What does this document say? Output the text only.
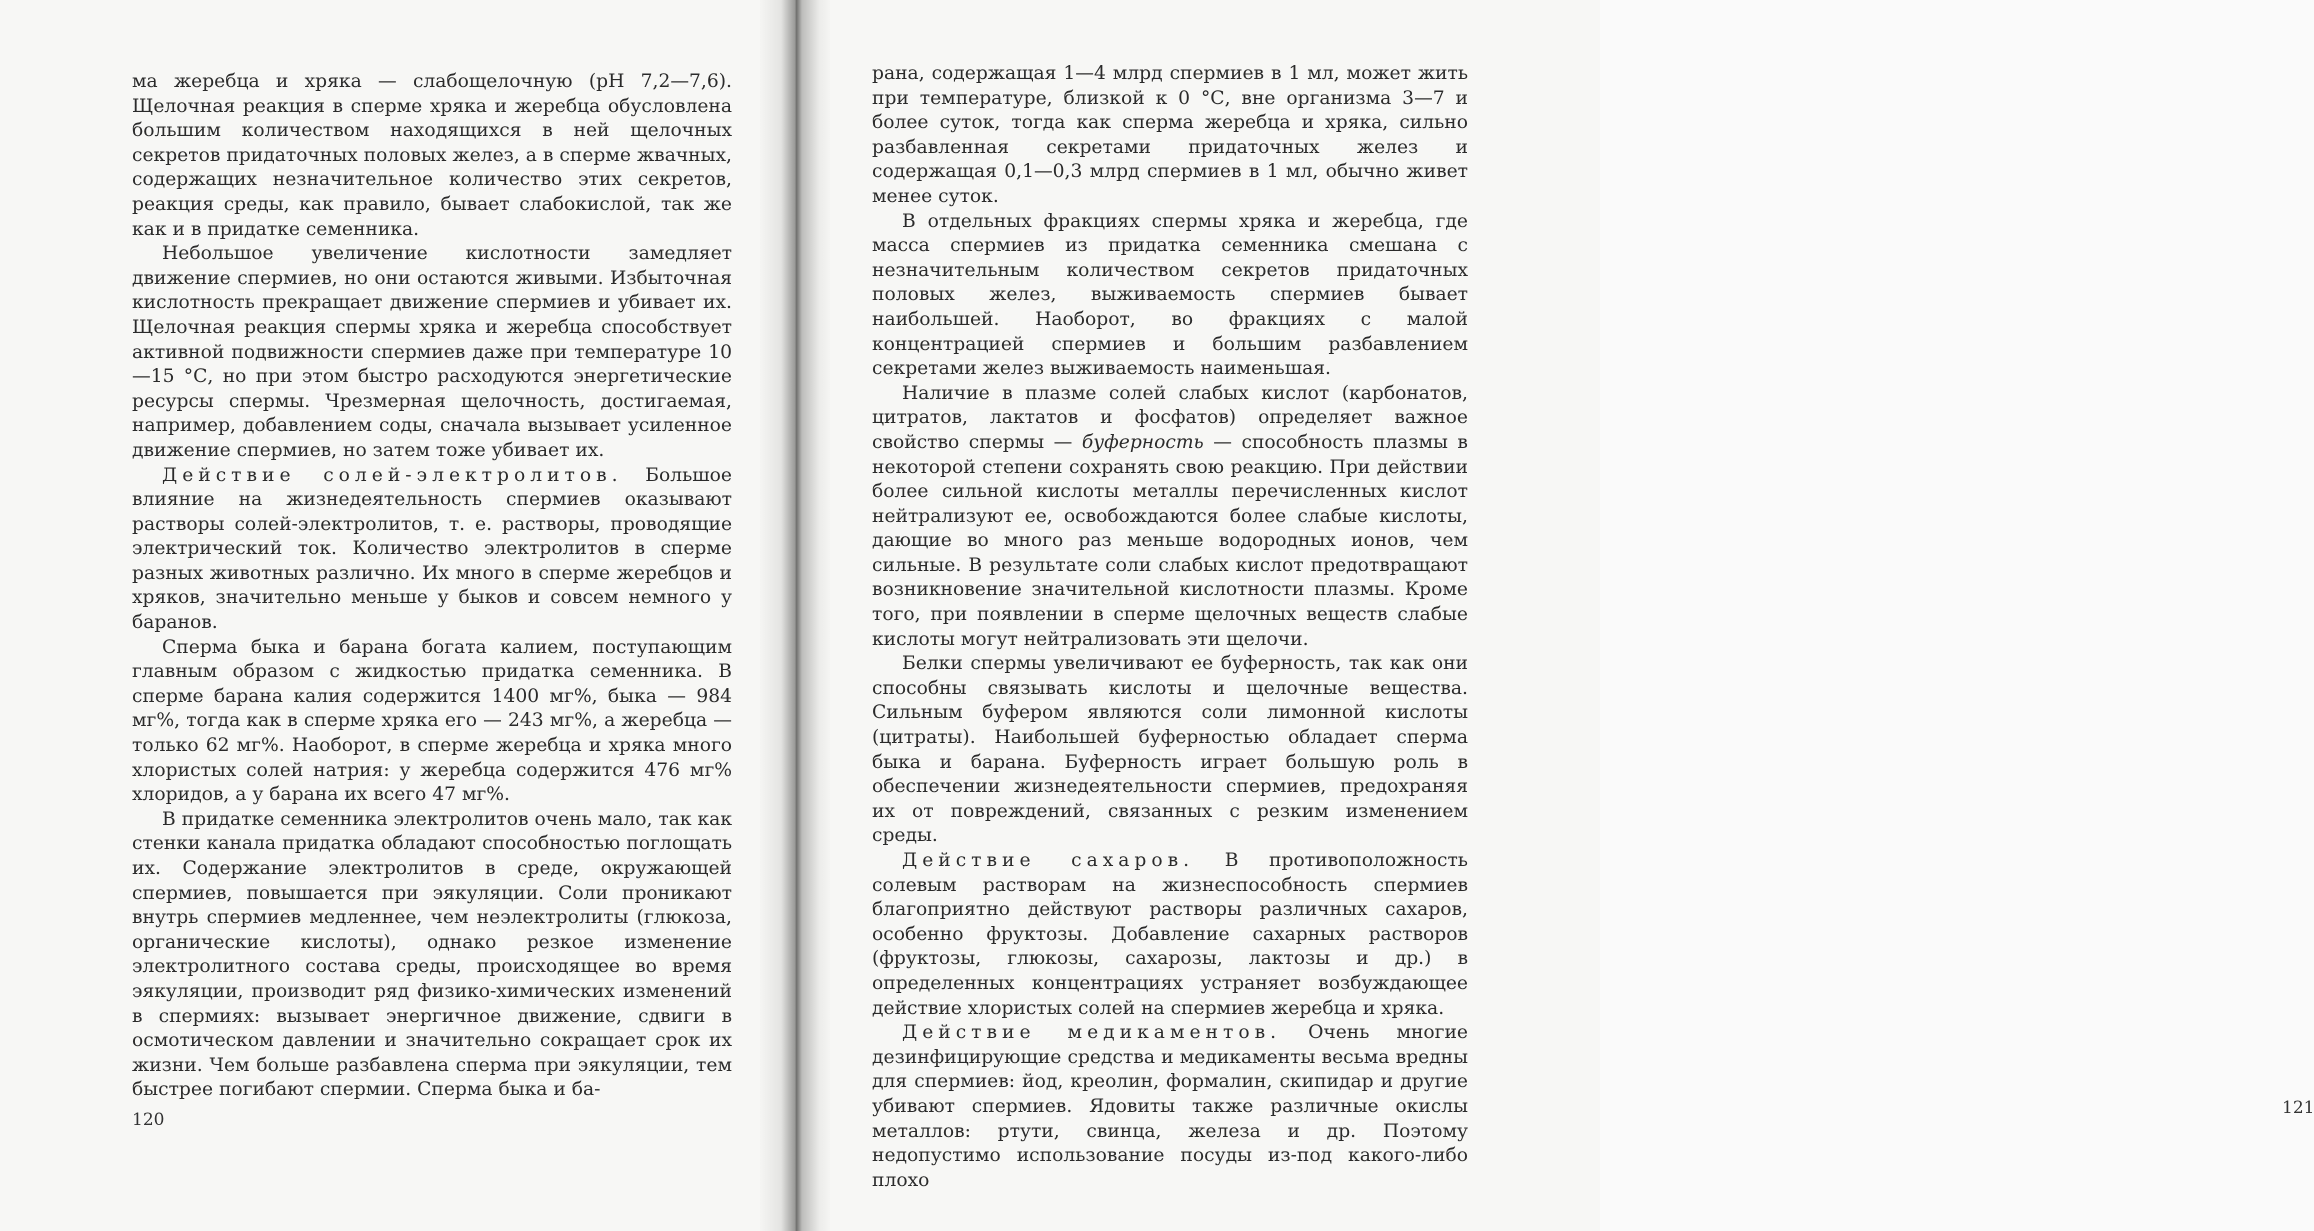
ма жеребца и хряка — слабощелочную (pH 7,2—7,6). Щелочная реакция в сперме хряка и жеребца обусловлена большим количеством находящихся в ней щелочных секретов придаточных половых желез, а в сперме жвачных, содержащих незначительное количество этих секретов, реакция среды, как правило, бывает слабокислой, так же как и в придатке семенника.

Небольшое увеличение кислотности замедляет движение спермиев, но они остаются живыми. Избыточная кислотность прекращает движение спермиев и убивает их. Щелочная реакция спермы хряка и жеребца способствует активной подвижности спермиев даже при температуре 10—15 °С, но при этом быстро расходуются энергетические ресурсы спермы. Чрезмерная щелочность, достигаемая, например, добавлением соды, сначала вызывает усиленное движение спермиев, но затем тоже убивает их.

Действие солей-электролитов. Большое влияние на жизнедеятельность спермиев оказывают растворы солей-электролитов, т. е. растворы, проводящие электрический ток. Количество электролитов в сперме разных животных различно. Их много в сперме жеребцов и хряков, значительно меньше у быков и совсем немного у баранов.

Сперма быка и барана богата калием, поступающим главным образом с жидкостью придатка семенника. В сперме барана калия содержится 1400 мг%, быка — 984 мг%, тогда как в сперме хряка его — 243 мг%, а жеребца — только 62 мг%. Наоборот, в сперме жеребца и хряка много хлористых солей натрия: у жеребца содержится 476 мг% хлоридов, а у барана их всего 47 мг%.

В придатке семенника электролитов очень мало, так как стенки канала придатка обладают способностью поглощать их. Содержание электролитов в среде, окружающей спермиев, повышается при эякуляции. Соли проникают внутрь спермиев медленнее, чем неэлектролиты (глюкоза, органические кислоты), однако резкое изменение электролитного состава среды, происходящее во время эякуляции, производит ряд физико-химических изменений в спермиях: вызывает энергичное движение, сдвиги в осмотическом давлении и значительно сокращает срок их жизни. Чем больше разбавлена сперма при эякуляции, тем быстрее погибают спермии. Сперма быка и ба-

120
121

рана, содержащая 1—4 млрд спермиев в 1 мл, может жить при температуре, близкой к 0 °С, вне организма 3—7 и более суток, тогда как сперма жеребца и хряка, сильно разбавленная секретами придаточных желез и содержащая 0,1—0,3 млрд спермиев в 1 мл, обычно живет менее суток.

В отдельных фракциях спермы хряка и жеребца, где масса спермиев из придатка семенника смешана с незначительным количеством секретов придаточных половых желез, выживаемость спермиев бывает наибольшей. Наоборот, во фракциях с малой концентрацией спермиев и большим разбавлением секретами желез выживаемость наименьшая.

Наличие в плазме солей слабых кислот (карбонатов, цитратов, лактатов и фосфатов) определяет важное свойство спермы — буферность — способность плазмы в некоторой степени сохранять свою реакцию. При действии более сильной кислоты металлы перечисленных кислот нейтрализуют ее, освобождаются более слабые кислоты, дающие во много раз меньше водородных ионов, чем сильные. В результате соли слабых кислот предотвращают возникновение значительной кислотности плазмы. Кроме того, при появлении в сперме щелочных веществ слабые кислоты могут нейтрализовать эти щелочи.

Белки спермы увеличивают ее буферность, так как они способны связывать кислоты и щелочные вещества. Сильным буфером являются соли лимонной кислоты (цитраты). Наибольшей буферностью обладает сперма быка и барана. Буферность играет большую роль в обеспечении жизнедеятельности спермиев, предохраняя их от повреждений, связанных с резким изменением среды.

Действие сахаров. В противоположность солевым растворам на жизнеспособность спермиев благоприятно действуют растворы различных сахаров, особенно фруктозы. Добавление сахарных растворов (фруктозы, глюкозы, сахарозы, лактозы и др.) в определенных концентрациях устраняет возбуждающее действие хлористых солей на спермиев жеребца и хряка.

Действие медикаментов. Очень многие дезинфицирующие средства и медикаменты весьма вредны для спермиев: йод, креолин, формалин, скипидар и другие убивают спермиев. Ядовиты также различные окислы металлов: ртути, свинца, железа и др. Поэтому недопустимо использование посуды из-под какого-либо плохо
